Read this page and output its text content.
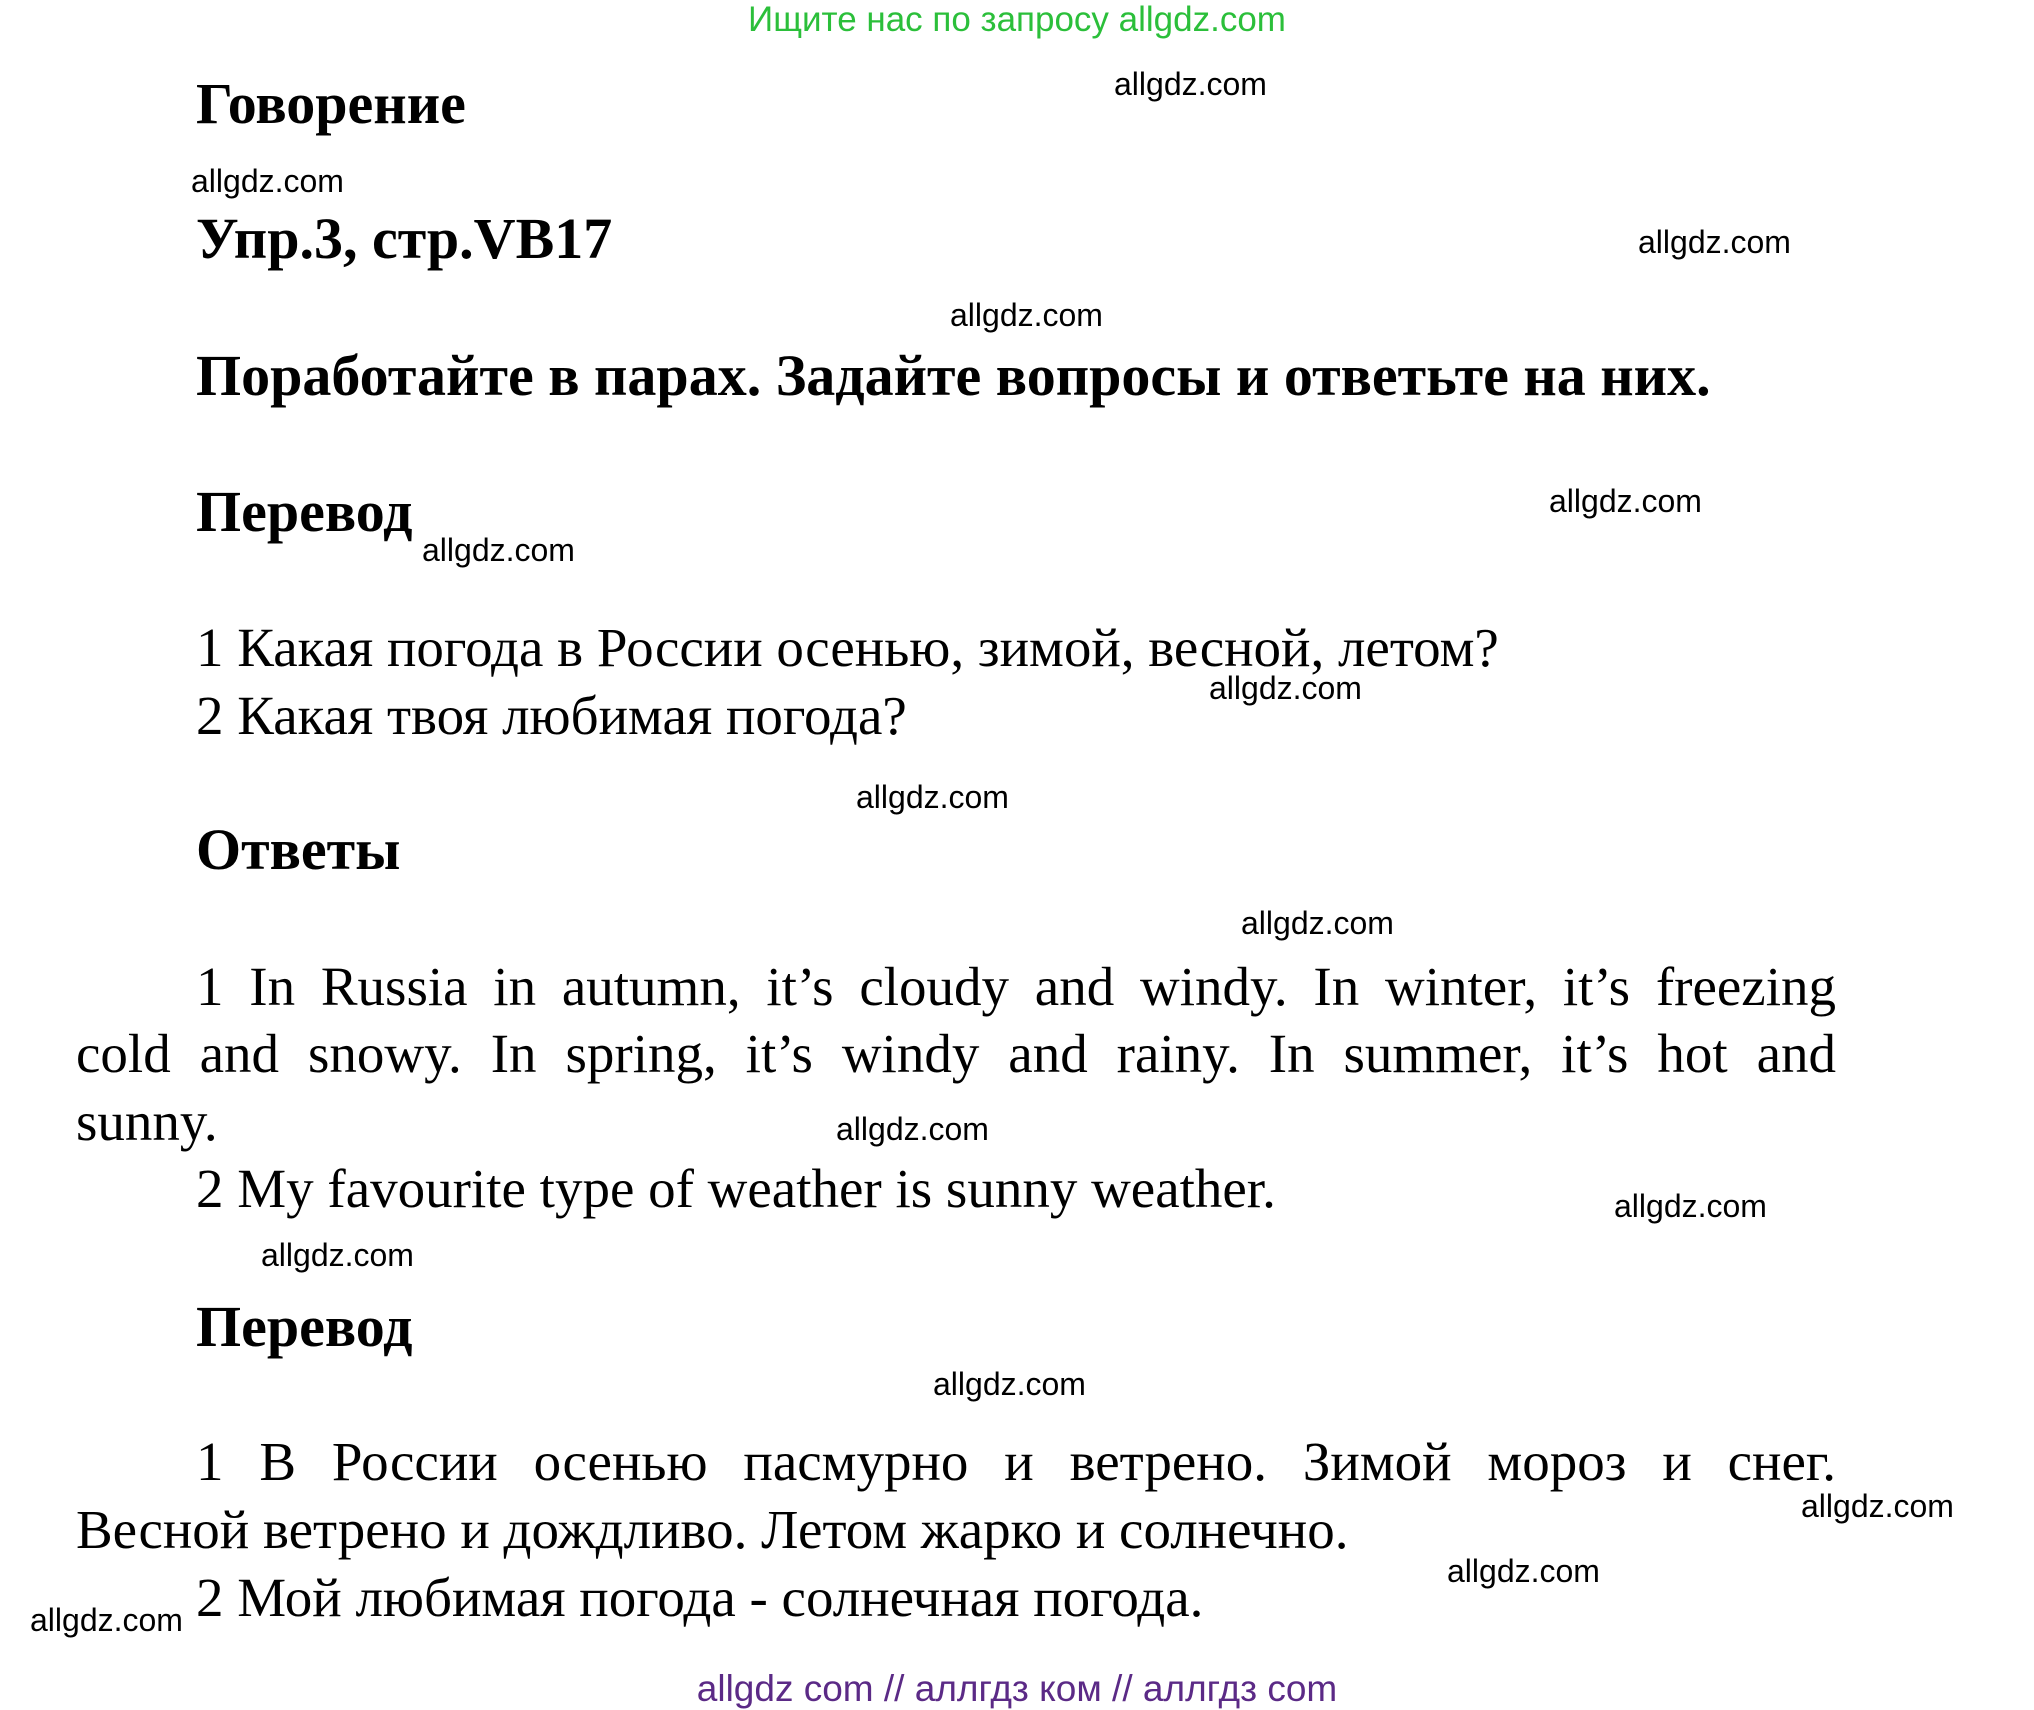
Ищите нас по запросу allgdz.com
Говорение
Упр.3, стр.VB17
Поработайте в парах. Задайте вопросы и ответьте на них.
Перевод
1 Какая погода в России осенью, зимой, весной, летом?
2 Какая твоя любимая погода?
Ответы
1 In Russia in autumn, it’s cloudy and windy. In winter, it’s freezing
cold and snowy. In spring, it’s windy and rainy. In summer, it’s hot and
sunny.
2 My favourite type of weather is sunny weather.
Перевод
1 В России осенью пасмурно и ветрено. Зимой мороз и снег.
Весной ветрено и дождливо. Летом жарко и солнечно.
2 Мой любимая погода - солнечная погода.
allgdz.com
allgdz.com
allgdz.com
allgdz.com
allgdz.com
allgdz.com
allgdz.com
allgdz.com
allgdz.com
allgdz.com
allgdz.com
allgdz.com
allgdz.com
allgdz.com
allgdz.com
allgdz.com
allgdz com // аллгдз ком // аллгдз com
